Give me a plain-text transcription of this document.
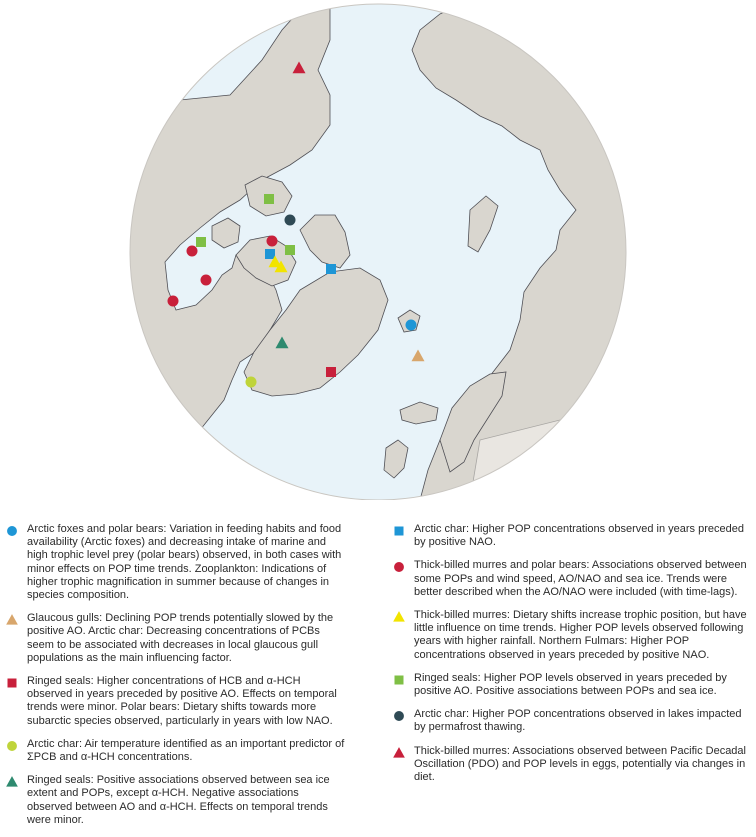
Arctic foxes and polar bears: Variation in feeding habits and food availability (Arctic foxes) and decreasing intake of marine and high trophic level prey (polar bears) observed, in both cases with minor effects on POP time trends. Zooplankton: Indications of higher trophic magnification in summer because of changes in species composition.
Glaucous gulls: Declining POP trends potentially slowed by the positive AO. Arctic char: Decreasing concentrations of PCBs seem to be associated with decreases in local glaucous gull populations as the main influencing factor.
Ringed seals: Higher concentrations of HCB and α-HCH observed in years preceded by positive AO. Effects on temporal trends were minor. Polar bears: Dietary shifts towards more subarctic species observed, particularly in years with low NAO.
Arctic char: Air temperature identified as an important predictor of ΣPCB and α-HCH concentrations.
Ringed seals: Positive associations observed between sea ice extent and POPs, except α-HCH. Negative associations observed between AO and α-HCH. Effects on temporal trends were minor.
Arctic char: Higher POP concentrations observed in years preceded by positive NAO.
Thick-billed murres and polar bears: Associations observed between some POPs and wind speed, AO/NAO and sea ice. Trends were better described when the AO/NAO were included (with time-lags).
Thick-billed murres: Dietary shifts increase trophic position, but have little influence on time trends. Higher POP levels observed following years with higher rainfall. Northern Fulmars: Higher POP concentrations observed in years preceded by positive NAO.
Ringed seals: Higher POP levels observed in years preceded by positive AO. Positive associations between POPs and sea ice.
Arctic char: Higher POP concentrations observed in lakes impacted by permafrost thawing.
Thick-billed murres: Associations observed between Pacific Decadal Oscillation (PDO) and POP levels in eggs, potentially via changes in diet.
